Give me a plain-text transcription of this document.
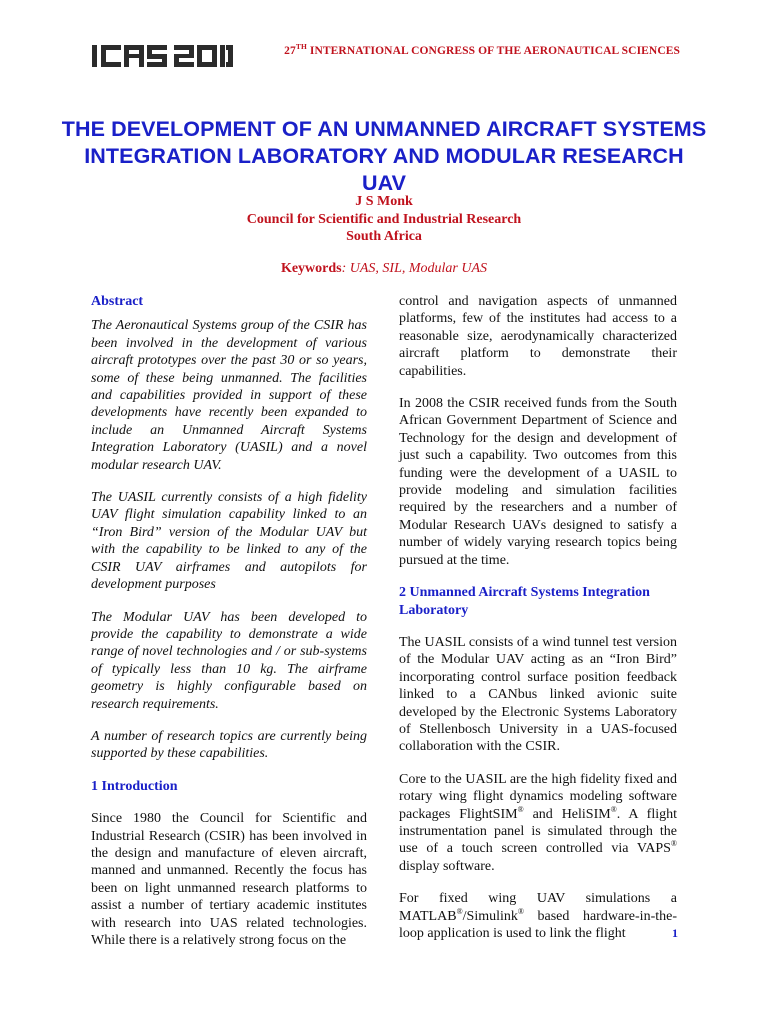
27TH INTERNATIONAL CONGRESS OF THE AERONAUTICAL SCIENCES
THE DEVELOPMENT OF AN UNMANNED AIRCRAFT SYSTEMS INTEGRATION LABORATORY AND MODULAR RESEARCH UAV
J S Monk
Council for Scientific and Industrial Research
South Africa
Keywords: UAS, SIL, Modular UAS
Abstract

The Aeronautical Systems group of the CSIR has been involved in the development of various aircraft prototypes over the past 30 or so years, some of these being unmanned. The facilities and capabilities provided in support of these developments have recently been expanded to include an Unmanned Aircraft Systems Integration Laboratory (UASIL) and a novel modular research UAV.

The UASIL currently consists of a high fidelity UAV flight simulation capability linked to an “Iron Bird” version of the Modular UAV but with the capability to be linked to any of the CSIR UAV airframes and autopilots for development purposes

The Modular UAV has been developed to provide the capability to demonstrate a wide range of novel technologies and / or sub-systems of typically less than 10 kg. The airframe geometry is highly configurable based on research requirements.

A number of research topics are currently being supported by these capabilities.

1 Introduction

Since 1980 the Council for Scientific and Industrial Research (CSIR) has been involved in the design and manufacture of eleven aircraft, manned and unmanned. Recently the focus has been on light unmanned research platforms to assist a number of tertiary academic institutes with research into UAS related technologies. While there is a relatively strong focus on the

control and navigation aspects of unmanned platforms, few of the institutes had access to a reasonable size, aerodynamically characterized aircraft platform to demonstrate their capabilities.

In 2008 the CSIR received funds from the South African Government Department of Science and Technology for the design and development of just such a capability. Two outcomes from this funding were the development of a UASIL to provide modeling and simulation facilities required by the researchers and a number of Modular Research UAVs designed to satisfy a number of widely varying research topics being pursued at the time.

2 Unmanned Aircraft Systems Integration Laboratory

The UASIL consists of a wind tunnel test version of the Modular UAV acting as an “Iron Bird” incorporating control surface position feedback linked to a CANbus linked avionic suite developed by the Electronic Systems Laboratory of Stellenbosch University in a UAS-focused collaboration with the CSIR.

Core to the UASIL are the high fidelity fixed and rotary wing flight dynamics modeling software packages FlightSIM® and HeliSIM®. A flight instrumentation panel is simulated through the use of a touch screen controlled via VAPS® display software.

For fixed wing UAV simulations a MATLAB®/Simulink® based hardware-in-the-loop application is used to link the flight	1
